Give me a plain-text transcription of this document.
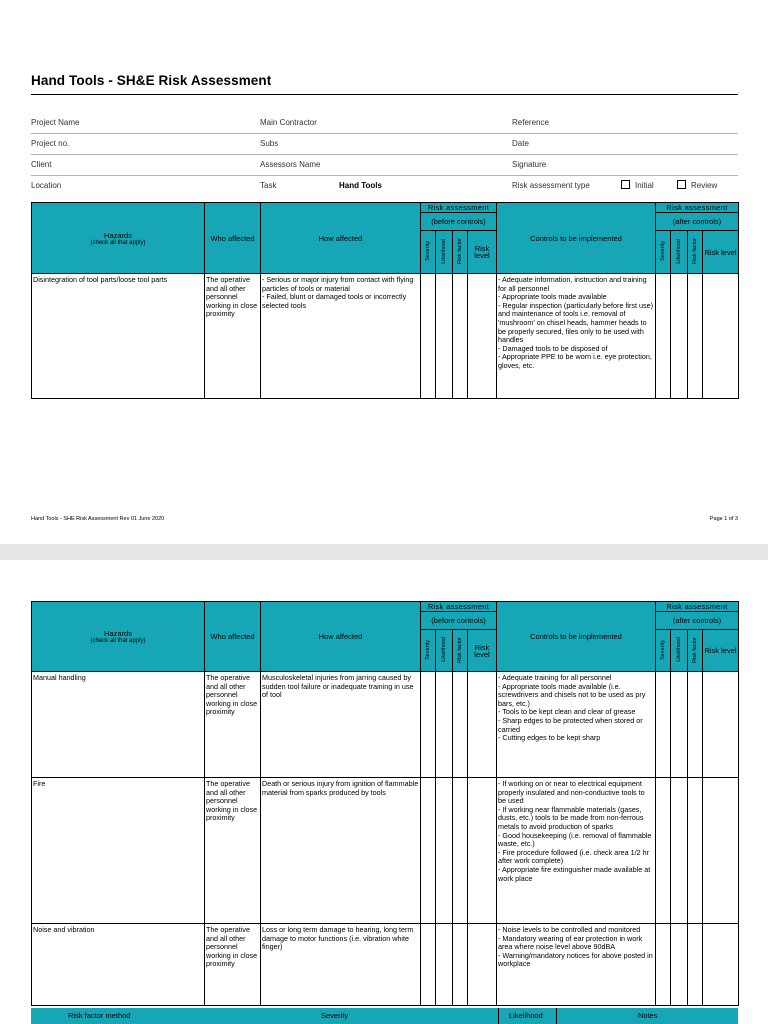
Hand Tools - SH&E Risk Assessment
Project Name	Main Contractor	Reference
Project no.	Subs	Date
Client	Assessors Name	Signature
Location	Task	Hand Tools	Risk assessment type	Initial	Review
Hazards
(check all that apply)	Who affected	How affected	Risk assessment				Controls to be implemented	Risk assessment			
			(before controls)					(after controls)			
			Severity	Likelihood	Risk factor	Risk level		Severity	Likelihood	Risk factor	Risk level
Disintegration of tool parts/loose tool parts	The operative and all other personnel working in close proximity	- Serious or major injury from contact with flying particles of tools or material
- Failed, blunt or damaged tools or incorrectly selected tools					- Adequate information, instruction and training for all personnel
- Appropriate tools made available
- Regular inspection (particularly before first use) and maintenance of tools i.e. removal of 'mushroom' on chisel heads, hammer heads to be properly secured, files only to be used with handles
- Damaged tools to be disposed of
- Appropriate PPE to be worn i.e. eye protection, gloves, etc.				
Hand Tools - SHE Risk Assessment Rev 01 June 2020	Page 1 of 3
Hazards
(check all that apply)	Who affected	How affected	Risk assessment				Controls to be implemented	Risk assessment			
			(before controls)					(after controls)			
			Severity	Likelihood	Risk factor	Risk level		Severity	Likelihood	Risk factor	Risk level
Manual handling	The operative and all other personnel working in close proximity	Musculoskeletal injuries from jarring caused by sudden tool failure or inadequate training in use of tool					- Adequate training for all personnel
- Appropriate tools made available (i.e. screwdrivers and chisels not to be used as pry bars, etc.)
- Tools to be kept clean and clear of grease
- Sharp edges to be protected when stored or carried
- Cutting edges to be kept sharp				
Fire	The operative and all other personnel working in close proximity	Death or serious injury from ignition of flammable material from sparks produced by tools					- If working on or near to electrical equipment properly insulated and non-conductive tools to be used
- If working near flammable materials (gases, dusts, etc.) tools to be made from non-ferrous metals to avoid production of sparks
- Good housekeeping (i.e. removal of flammable waste, etc.)
- Fire procedure followed (i.e. check area 1/2 hr after work complete)
- Appropriate fire extinguisher made available at work place				
Noise and vibration	The operative and all other personnel working in close proximity	Loss or long term damage to hearing, long term damage to motor functions (i.e. vibration white finger)					- Noise levels to be controlled and monitored
- Mandatory wearing of ear protection in work area where noise level above 90dBA
- Warning/mandatory notices for above posted in workplace				
Risk factor method	Severity	Likelihood	Notes
